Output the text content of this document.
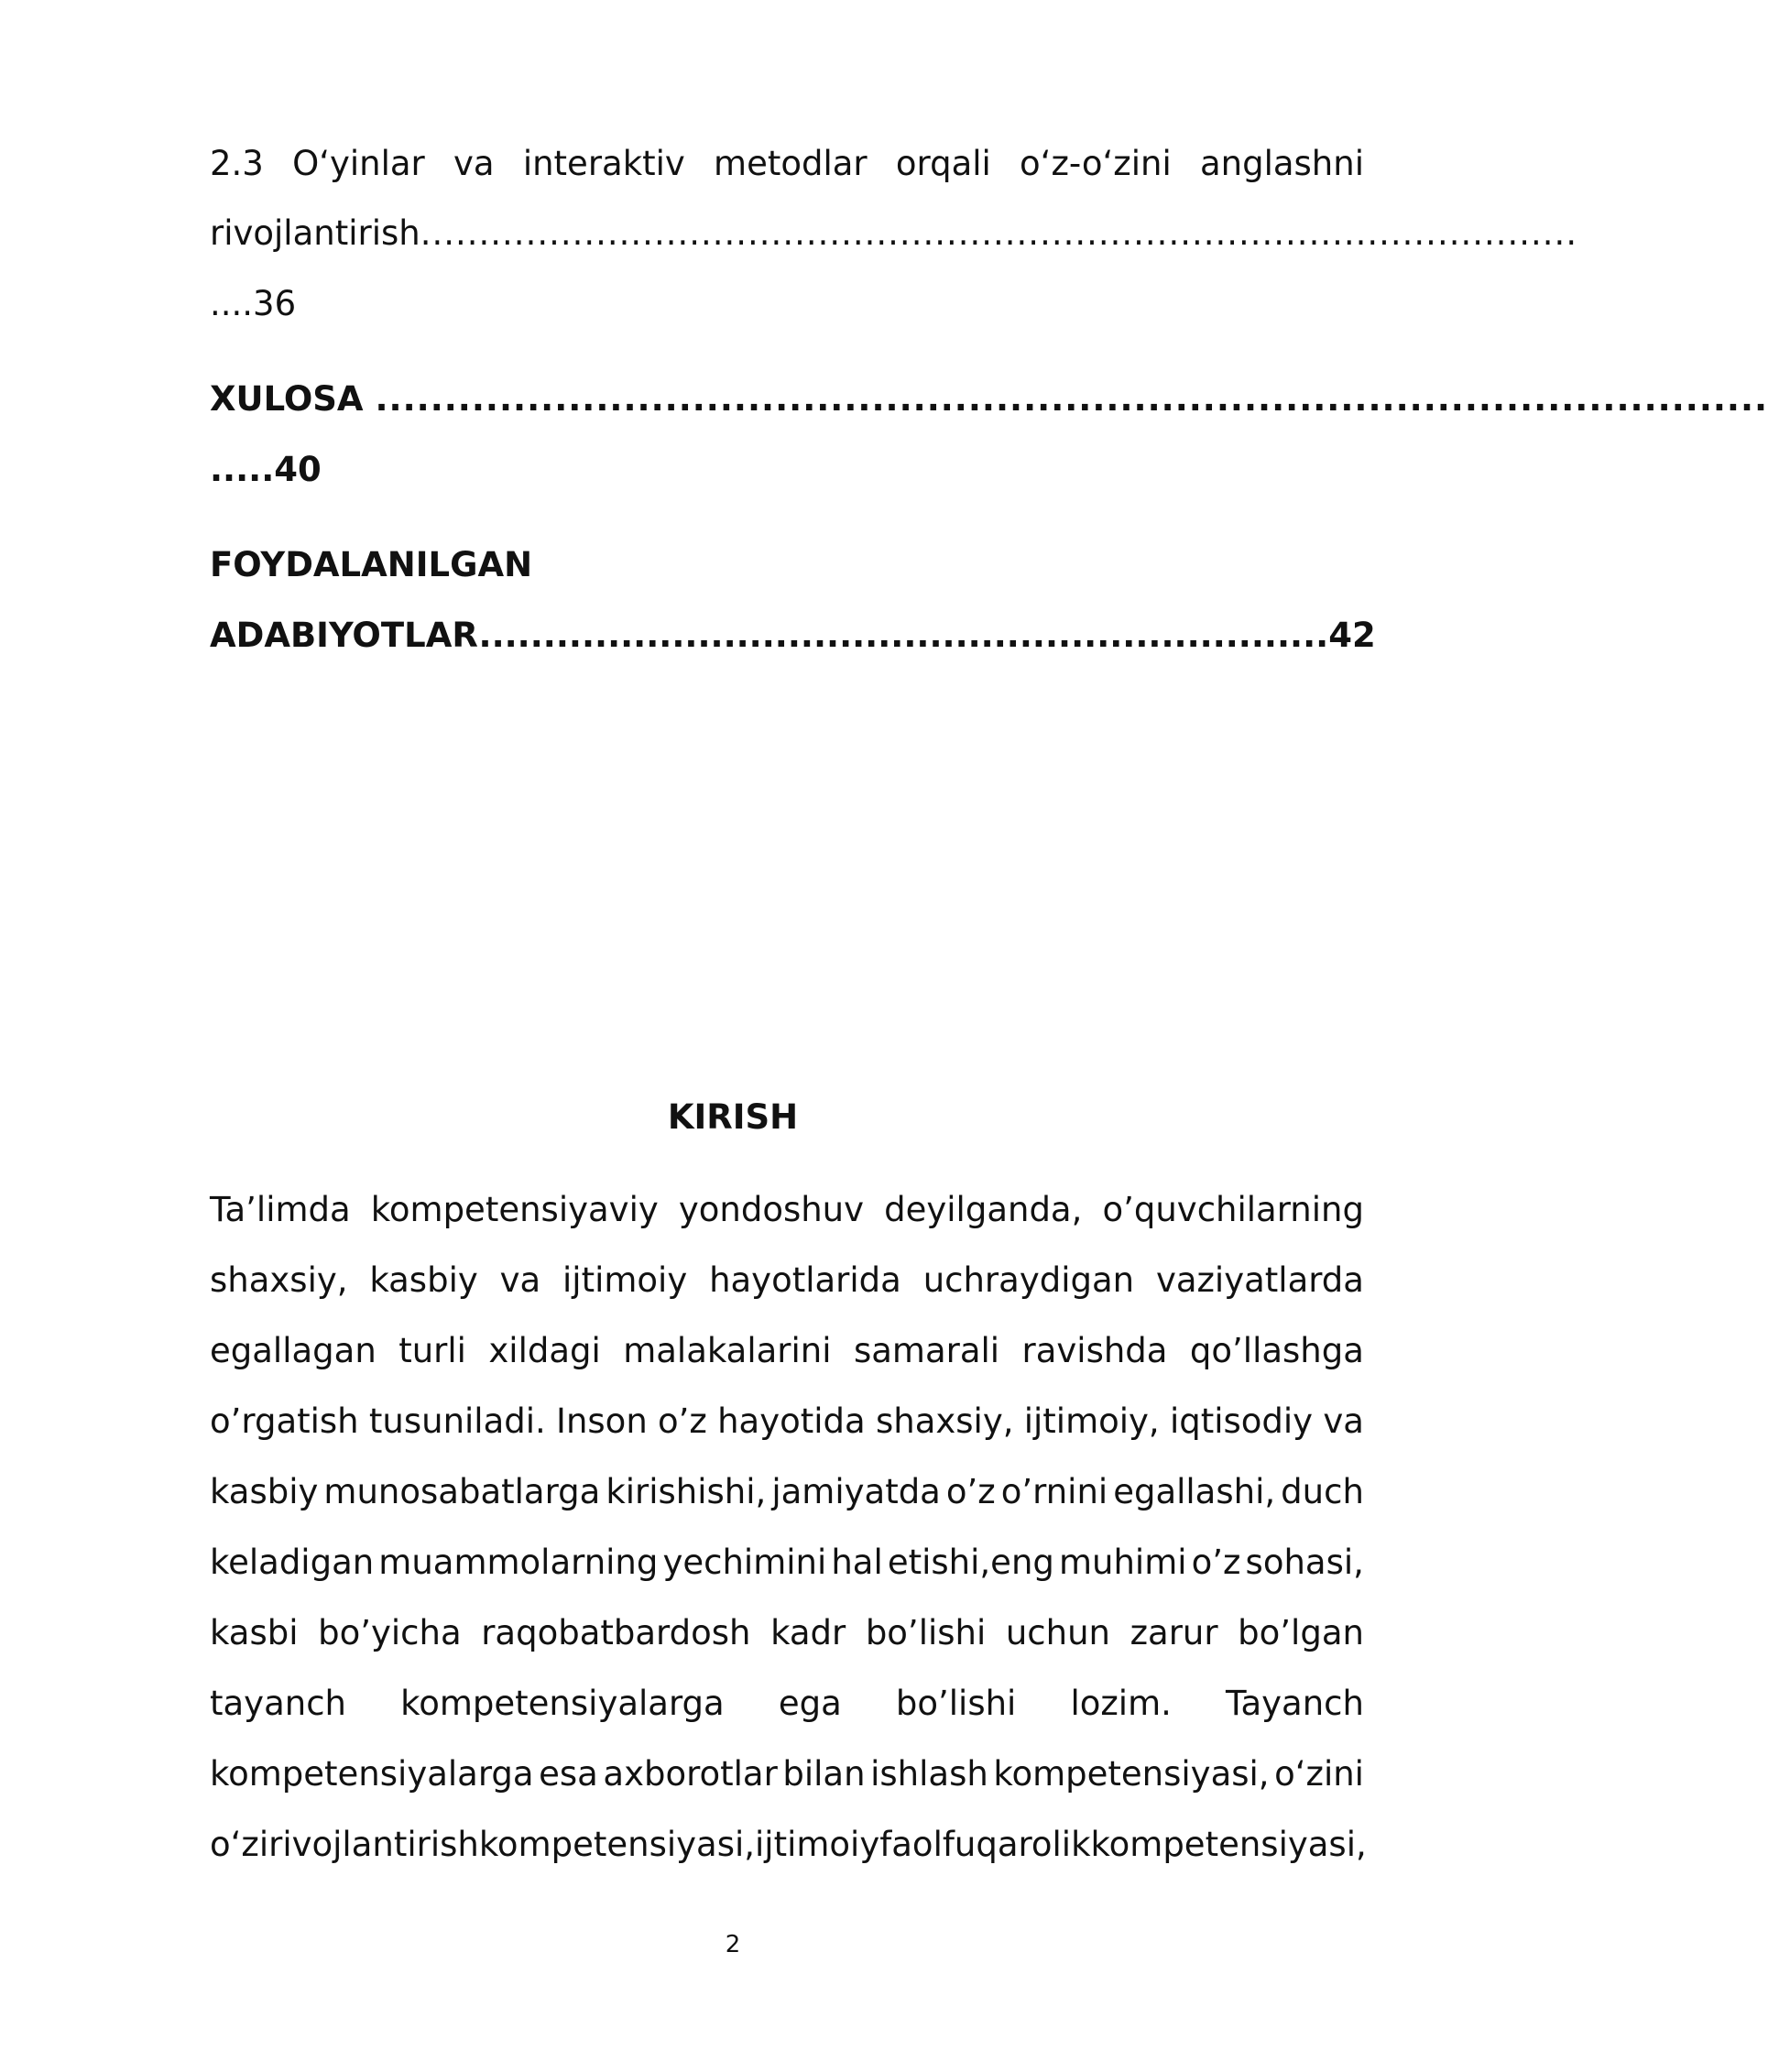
2.3 O‘yinlar va interaktiv metodlar orqali o‘z-o‘zini anglashni
rivojlantirish...................................................................................................
....36
XULOSA .....................................................................................................
.....40
FOYDALANILGAN
ADABIYOTLAR..................................................................42
KIRISH
Ta’limda kompetensiyaviy yondoshuv deyilganda, o’quvchilarning
shaxsiy, kasbiy va ijtimoiy hayotlarida uchraydigan vaziyatlarda
egallagan turli xildagi malakalarini samarali ravishda qo’llashga
o’rgatish tusuniladi. Inson o’z hayotida shaxsiy, ijtimoiy, iqtisodiy va
kasbiy munosabatlarga kirishishi, jamiyatda o’z o’rnini egallashi, duch
keladigan muammolarning yechimini hal etishi,eng muhimi o’z sohasi,
kasbi bo’yicha raqobatbardosh kadr bo’lishi uchun zarur bo’lgan
tayanch kompetensiyalarga ega bo’lishi lozim. Tayanch
kompetensiyalarga esa axborotlar bilan ishlash kompetensiyasi, o‘zini
o‘zi rivojlantirish kompetensiyasi, ijtimoiy faol fuqarolik kompetensiyasi,
2
